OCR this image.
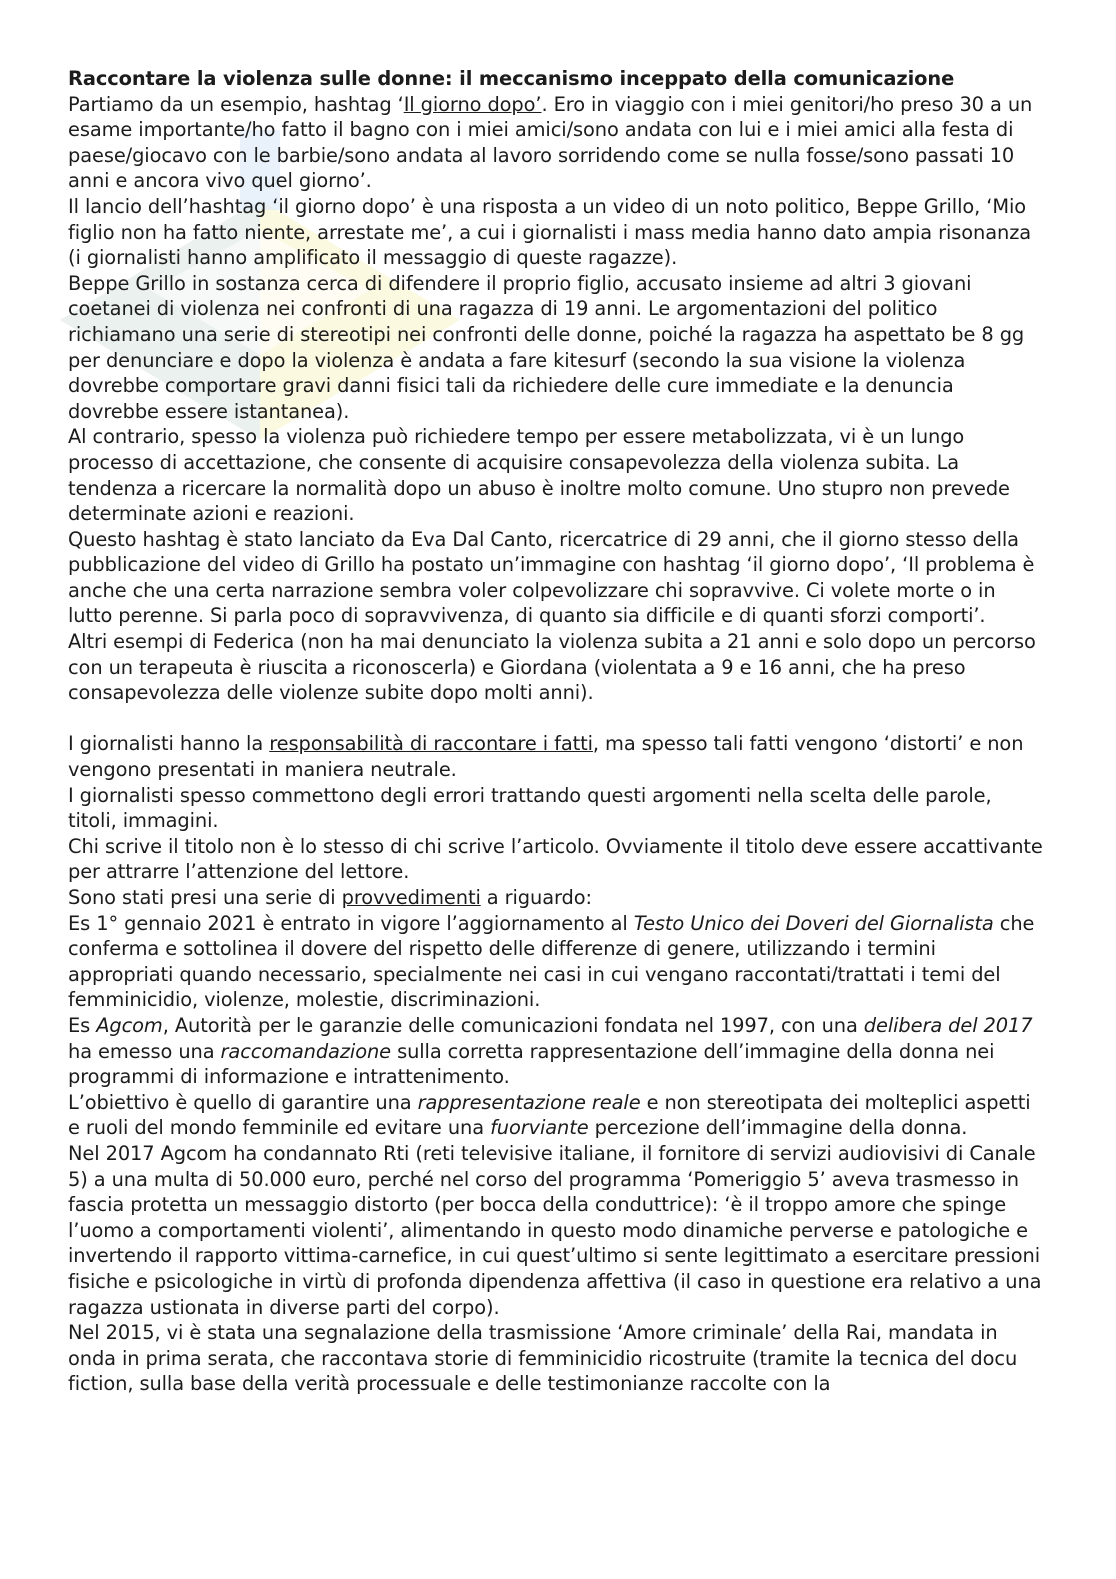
Raccontare la violenza sulle donne: il meccanismo inceppato della comunicazione

Partiamo da un esempio, hashtag ‘Il giorno dopo’. Ero in viaggio con i miei genitori/ho preso 30 a un esame importante/ho fatto il bagno con i miei amici/sono andata con lui e i miei amici alla festa di paese/giocavo con le barbie/sono andata al lavoro sorridendo come se nulla fosse/sono passati 10 anni e ancora vivo quel giorno’.

Il lancio dell’hashtag ‘il giorno dopo’ è una risposta a un video di un noto politico, Beppe Grillo, ‘Mio figlio non ha fatto niente, arrestate me’, a cui i giornalisti i mass media hanno dato ampia risonanza (i giornalisti hanno amplificato il messaggio di queste ragazze).

Beppe Grillo in sostanza cerca di difendere il proprio figlio, accusato insieme ad altri 3 giovani coetanei di violenza nei confronti di una ragazza di 19 anni. Le argomentazioni del politico richiamano una serie di stereotipi nei confronti delle donne, poiché la ragazza ha aspettato be 8 gg per denunciare e dopo la violenza è andata a fare kitesurf (secondo la sua visione la violenza dovrebbe comportare gravi danni fisici tali da richiedere delle cure immediate e la denuncia dovrebbe essere istantanea).

Al contrario, spesso la violenza può richiedere tempo per essere metabolizzata, vi è un lungo processo di accettazione, che consente di acquisire consapevolezza della violenza subita. La tendenza a ricercare la normalità dopo un abuso è inoltre molto comune. Uno stupro non prevede determinate azioni e reazioni.

Questo hashtag è stato lanciato da Eva Dal Canto, ricercatrice di 29 anni, che il giorno stesso della pubblicazione del video di Grillo ha postato un’immagine con hashtag ‘il giorno dopo’, ‘Il problema è anche che una certa narrazione sembra voler colpevolizzare chi sopravvive. Ci volete morte o in lutto perenne. Si parla poco di sopravvivenza, di quanto sia difficile e di quanti sforzi comporti’.

Altri esempi di Federica (non ha mai denunciato la violenza subita a 21 anni e solo dopo un percorso con un terapeuta è riuscita a riconoscerla) e Giordana (violentata a 9 e 16 anni, che ha preso consapevolezza delle violenze subite dopo molti anni).

I giornalisti hanno la responsabilità di raccontare i fatti, ma spesso tali fatti vengono ‘distorti’ e non vengono presentati in maniera neutrale.

I giornalisti spesso commettono degli errori trattando questi argomenti nella scelta delle parole, titoli, immagini.

Chi scrive il titolo non è lo stesso di chi scrive l’articolo. Ovviamente il titolo deve essere accattivante per attrarre l’attenzione del lettore.

Sono stati presi una serie di provvedimenti a riguardo:

Es 1° gennaio 2021 è entrato in vigore l’aggiornamento al Testo Unico dei Doveri del Giornalista che conferma e sottolinea il dovere del rispetto delle differenze di genere, utilizzando i termini appropriati quando necessario, specialmente nei casi in cui vengano raccontati/trattati i temi del femminicidio, violenze, molestie, discriminazioni.

Es Agcom, Autorità per le garanzie delle comunicazioni fondata nel 1997, con una delibera del 2017 ha emesso una raccomandazione sulla corretta rappresentazione dell’immagine della donna nei programmi di informazione e intrattenimento.

L’obiettivo è quello di garantire una rappresentazione reale e non stereotipata dei molteplici aspetti e ruoli del mondo femminile ed evitare una fuorviante percezione dell’immagine della donna.

Nel 2017 Agcom ha condannato Rti (reti televisive italiane, il fornitore di servizi audiovisivi di Canale 5) a una multa di 50.000 euro, perché nel corso del programma ‘Pomeriggio 5’ aveva trasmesso in fascia protetta un messaggio distorto (per bocca della conduttrice): ‘è il troppo amore che spinge l’uomo a comportamenti violenti’, alimentando in questo modo dinamiche perverse e patologiche e invertendo il rapporto vittima-carnefice, in cui quest’ultimo si sente legittimato a esercitare pressioni fisiche e psicologiche in virtù di profonda dipendenza affettiva (il caso in questione era relativo a una ragazza ustionata in diverse parti del corpo).

Nel 2015, vi è stata una segnalazione della trasmissione ‘Amore criminale’ della Rai, mandata in onda in prima serata, che raccontava storie di femminicidio ricostruite (tramite la tecnica del docu fiction, sulla base della verità processuale e delle testimonianze raccolte con la
